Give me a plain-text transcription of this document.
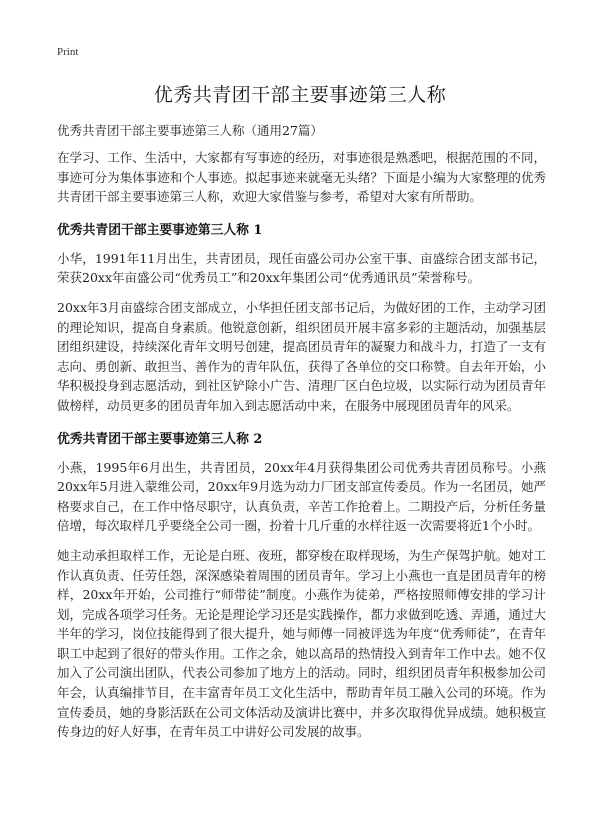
Print
优秀共青团干部主要事迹第三人称
优秀共青团干部主要事迹第三人称（通用27篇）

在学习、工作、生活中，大家都有写事迹的经历，对事迹很是熟悉吧，根据范围的不同，事迹可分为集体事迹和个人事迹。拟起事迹来就毫无头绪？下面是小编为大家整理的优秀共青团干部主要事迹第三人称，欢迎大家借鉴与参考，希望对大家有所帮助。

优秀共青团干部主要事迹第三人称 1

小华，1991年11月出生，共青团员，现任亩盛公司办公室干事、亩盛综合团支部书记，荣获20xx年亩盛公司“优秀员工”和20xx年集团公司“优秀通讯员”荣誉称号。

20xx年3月亩盛综合团支部成立，小华担任团支部书记后，为做好团的工作，主动学习团的理论知识，提高自身素质。他锐意创新，组织团员开展丰富多彩的主题活动，加强基层团组织建设，持续深化青年文明号创建，提高团员青年的凝聚力和战斗力，打造了一支有志向、勇创新、敢担当、善作为的青年队伍，获得了各单位的交口称赞。自去年开始，小华积极投身到志愿活动，到社区铲除小广告、清理厂区白色垃圾，以实际行动为团员青年做榜样，动员更多的团员青年加入到志愿活动中来，在服务中展现团员青年的风采。

优秀共青团干部主要事迹第三人称 2

小燕，1995年6月出生，共青团员，20xx年4月获得集团公司优秀共青团员称号。小燕20xx年5月进入蒙维公司，20xx年9月选为动力厂团支部宣传委员。作为一名团员，她严格要求自己，在工作中恪尽职守，认真负责，辛苦工作抢着上。二期投产后，分析任务量倍增，每次取样几乎要绕全公司一圈，扮着十几斤重的水样往返一次需要将近1个小时。

她主动承担取样工作，无论是白班、夜班，都穿梭在取样现场，为生产保驾护航。她对工作认真负责、任劳任怨，深深感染着周围的团员青年。学习上小燕也一直是团员青年的榜样，20xx年开始，公司推行“师带徒”制度。小燕作为徒弟，严格按照师傅安排的学习计划，完成各项学习任务。无论是理论学习还是实践操作，都力求做到吃透、弄通，通过大半年的学习，岗位技能得到了很大提升，她与师傅一同被评选为年度“优秀师徒”，在青年职工中起到了很好的带头作用。工作之余，她以高昂的热情投入到青年工作中去。她不仅加入了公司演出团队，代表公司参加了地方上的活动。同时，组织团员青年积极参加公司年会，认真编排节目，在丰富青年员工文化生活中，帮助青年员工融入公司的环境。作为宣传委员，她的身影活跃在公司文体活动及演讲比赛中，并多次取得优异成绩。她积极宣传身边的好人好事，在青年员工中讲好公司发展的故事。
